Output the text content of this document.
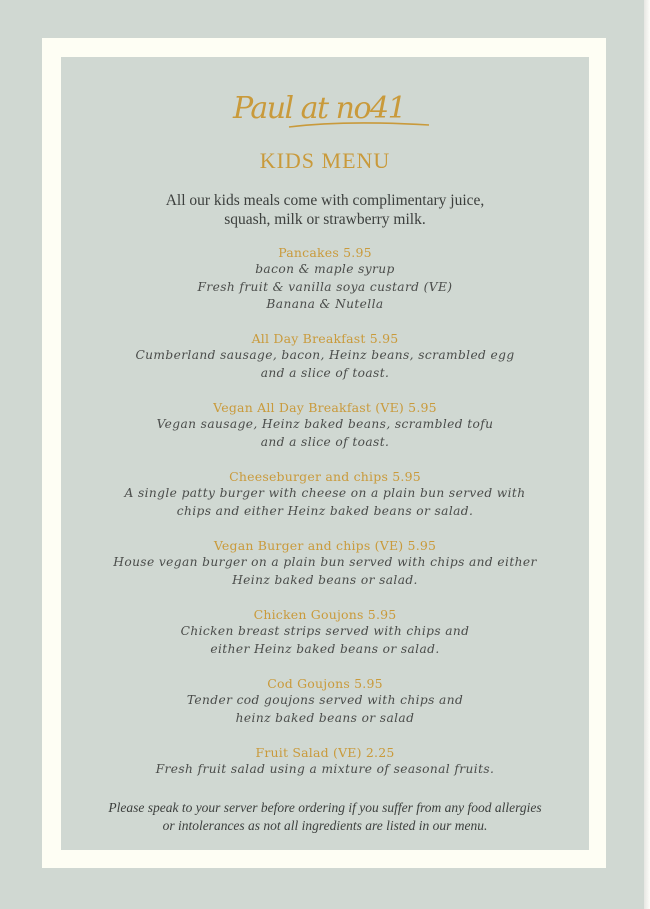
Paul at no41
KIDS MENU
All our kids meals come with complimentary juice,
squash, milk or strawberry milk.
Pancakes 5.95
bacon & maple syrup
Fresh fruit & vanilla soya custard (VE)
Banana & Nutella
All Day Breakfast 5.95
Cumberland sausage, bacon, Heinz beans, scrambled egg
and a slice of toast.
Vegan All Day Breakfast (VE) 5.95
Vegan sausage, Heinz baked beans, scrambled tofu
and a slice of toast.
Cheeseburger and chips 5.95
A single patty burger with cheese on a plain bun served with
chips and either Heinz baked beans or salad.
Vegan Burger and chips (VE) 5.95
House vegan burger on a plain bun served with chips and either
Heinz baked beans or salad.
Chicken Goujons 5.95
Chicken breast strips served with chips and
either Heinz baked beans or salad.
Cod Goujons 5.95
Tender cod goujons served with chips and
heinz baked beans or salad
Fruit Salad (VE) 2.25
Fresh fruit salad using a mixture of seasonal fruits.
Please speak to your server before ordering if you suffer from any food allergies
or intolerances as not all ingredients are listed in our menu.
